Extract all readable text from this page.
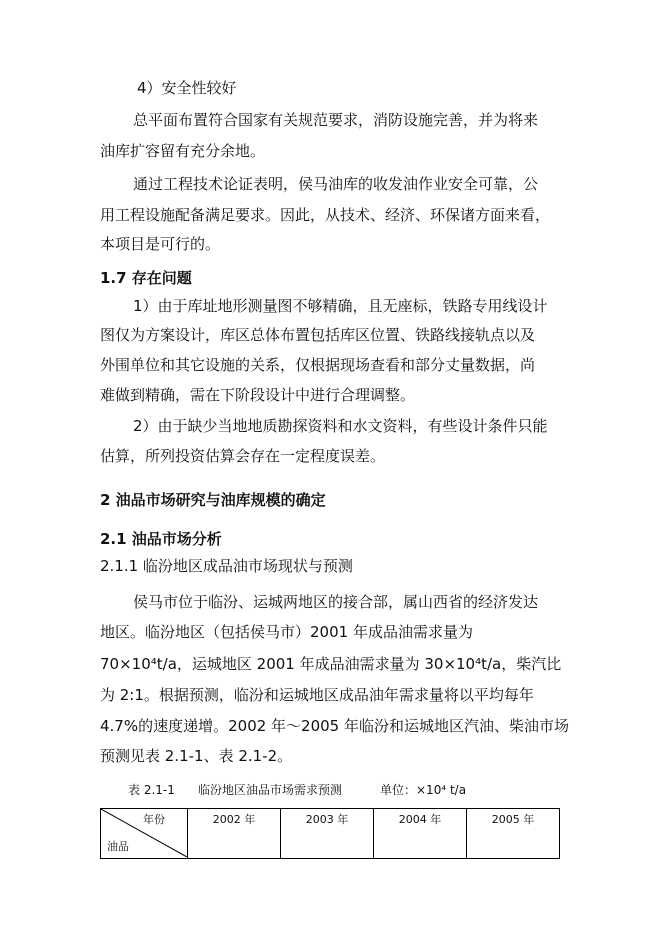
4）安全性较好
总平面布置符合国家有关规范要求，消防设施完善，并为将来
油库扩容留有充分余地。
通过工程技术论证表明，侯马油库的收发油作业安全可靠，公
用工程设施配备满足要求。因此，从技术、经济、环保诸方面来看，
本项目是可行的。
1.7 存在问题
1）由于库址地形测量图不够精确，且无座标，铁路专用线设计
图仅为方案设计，库区总体布置包括库区位置、铁路线接轨点以及
外围单位和其它设施的关系，仅根据现场查看和部分丈量数据，尚
难做到精确，需在下阶段设计中进行合理调整。
2）由于缺少当地地质勘探资料和水文资料，有些设计条件只能
估算，所列投资估算会存在一定程度误差。
2 油品市场研究与油库规模的确定
2.1 油品市场分析
2.1.1 临汾地区成品油市场现状与预测
侯马市位于临汾、运城两地区的接合部，属山西省的经济发达
地区。临汾地区（包括侯马市）2001 年成品油需求量为
70×10⁴t/a，运城地区 2001 年成品油需求量为 30×10⁴t/a，柴汽比
为 2:1。根据预测，临汾和运城地区成品油年需求量将以平均每年
4.7%的速度递增。2002 年～2005 年临汾和运城地区汽油、柴油市场
预测见表 2.1-1、表 2.1-2。
表 2.1-1 临汾地区油品市场需求预测	单位：×10⁴ t/a
年份
油品
	2002 年	2003 年	2004 年	2005 年
